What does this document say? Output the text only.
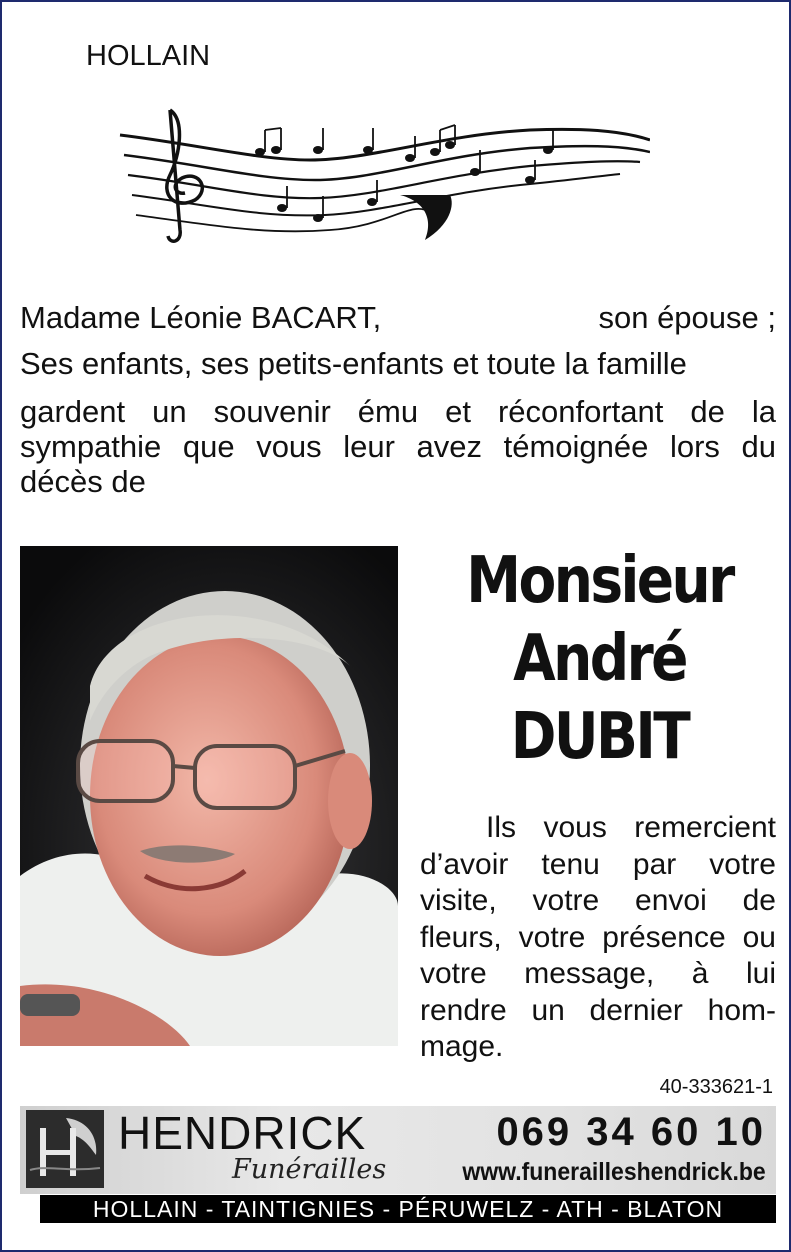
HOLLAIN
Madame Léonie BACART,	son épouse ;
Ses enfants, ses petits-enfants et toute la famille
gardent un souvenir ému et réconfortant de la sympathie que vous leur avez témoignée lors du décès de
Monsieur
André
DUBIT
Ils vous remercient d’avoir tenu par votre visite, votre envoi de fleurs, votre présence ou votre message, à lui rendre un dernier hom-mage.
40-333621-1
HENDRICK
Funérailles
069 34 60 10
www.funerailleshendrick.be
HOLLAIN - TAINTIGNIES - PÉRUWELZ - ATH - BLATON
